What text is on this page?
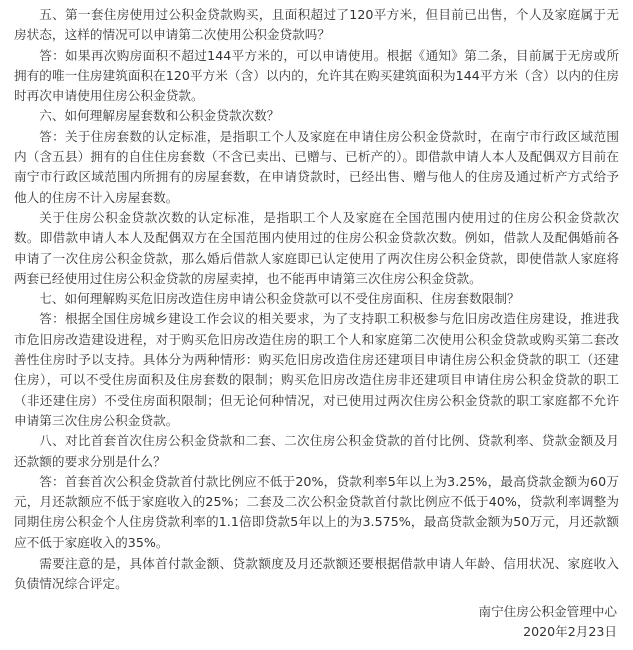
五、第一套住房使用过公积金贷款购买，且面积超过了120平方米，但目前已出售，个人及家庭属于无房状态，这样的情况可以申请第二次使用公积金贷款吗？

答：如果再次购房面积不超过144平方米的，可以申请使用。根据《通知》第二条，目前属于无房或所拥有的唯一住房建筑面积在120平方米（含）以内的，允许其在购买建筑面积为144平方米（含）以内的住房时再次申请使用住房公积金贷款。

六、如何理解房屋套数和公积金贷款次数？

答：关于住房套数的认定标准，是指职工个人及家庭在申请住房公积金贷款时，在南宁市行政区域范围内（含五县）拥有的自住住房套数（不含已卖出、已赠与、已析产的）。即借款申请人本人及配偶双方目前在南宁市行政区域范围内所拥有的房屋套数，在申请贷款时，已经出售、赠与他人的住房及通过析产方式给予他人的住房不计入房屋套数。

关于住房公积金贷款次数的认定标准，是指职工个人及家庭在全国范围内使用过的住房公积金贷款次数。即借款申请人本人及配偶双方在全国范围内使用过的住房公积金贷款次数。例如，借款人及配偶婚前各申请了一次住房公积金贷款，那么婚后借款人家庭即已认定使用了两次住房公积金贷款，即使借款人家庭将两套已经使用过住房公积金贷款的房屋卖掉，也不能再申请第三次住房公积金贷款。

七、如何理解购买危旧房改造住房申请公积金贷款可以不受住房面积、住房套数限制？

答：根据全国住房城乡建设工作会议的相关要求，为了支持职工积极参与危旧房改造住房建设，推进我市危旧房改造建设进程，对于购买危旧房改造住房的职工个人和家庭第二次使用公积金贷款或购买第二套改善性住房时予以支持。具体分为两种情形：购买危旧房改造住房还建项目申请住房公积金贷款的职工（还建住房），可以不受住房面积及住房套数的限制；购买危旧房改造住房非还建项目申请住房公积金贷款的职工（非还建住房）不受住房面积限制；但无论何种情况，对已使用过两次住房公积金贷款的职工家庭都不允许申请第三次住房公积金贷款。

八、对比首套首次住房公积金贷款和二套、二次住房公积金贷款的首付比例、贷款利率、贷款金额及月还款额的要求分别是什么？

答：首套首次公积金贷款首付款比例应不低于20%，贷款利率5年以上为3.25%，最高贷款金额为60万元，月还款额应不低于家庭收入的25%；二套及二次公积金贷款首付款比例应不低于40%，贷款利率调整为同期住房公积金个人住房贷款利率的1.1倍即贷款5年以上的为3.575%，最高贷款金额为50万元，月还款额应不低于家庭收入的35%。

需要注意的是，具体首付款金额、贷款额度及月还款额还要根据借款申请人年龄、信用状况、家庭收入负债情况综合评定。

南宁住房公积金管理中心
2020年2月23日
